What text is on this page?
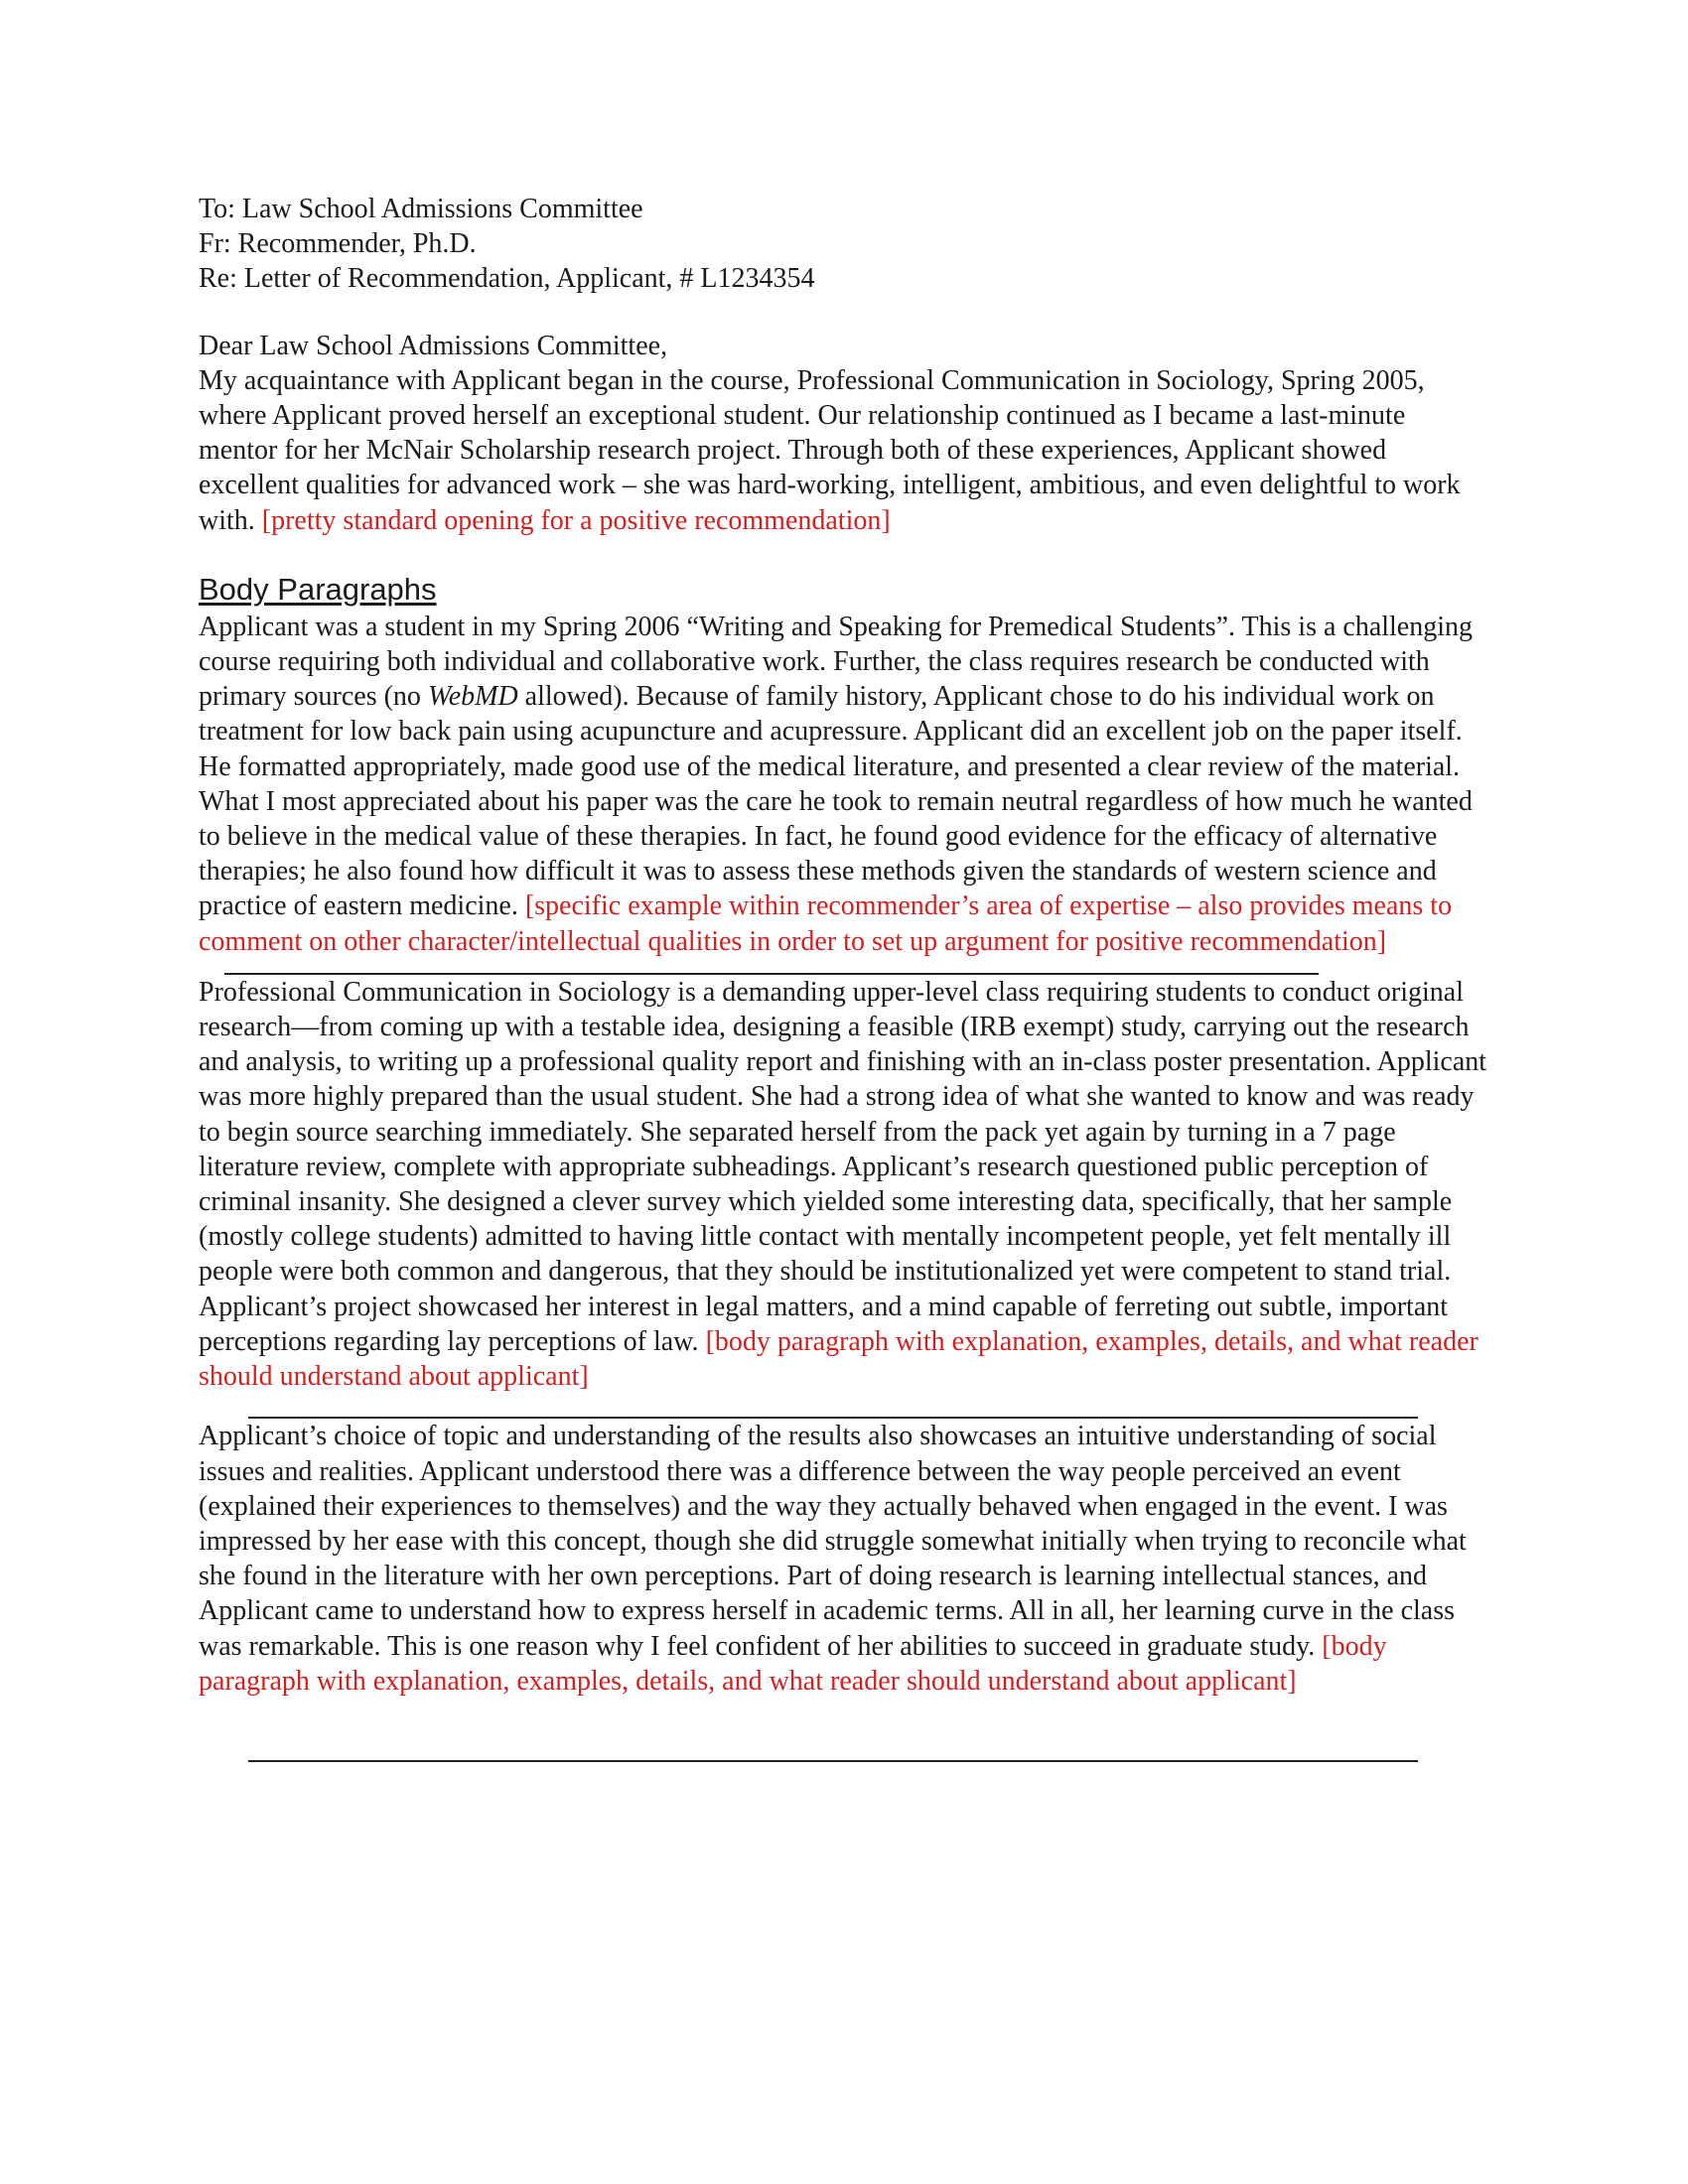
To: Law School Admissions Committee
Fr: Recommender, Ph.D.
Re: Letter of Recommendation, Applicant, # L1234354
Dear Law School Admissions Committee,

My acquaintance with Applicant began in the course, Professional Communication in Sociology, Spring 2005, where Applicant proved herself an exceptional student. Our relationship continued as I became a last-minute mentor for her McNair Scholarship research project. Through both of these experiences, Applicant showed excellent qualities for advanced work – she was hard-working, intelligent, ambitious, and even delightful to work with. [pretty standard opening for a positive recommendation]

Body Paragraphs

Applicant was a student in my Spring 2006 “Writing and Speaking for Premedical Students”. This is a challenging course requiring both individual and collaborative work. Further, the class requires research be conducted with primary sources (no WebMD allowed). Because of family history, Applicant chose to do his individual work on treatment for low back pain using acupuncture and acupressure. Applicant did an excellent job on the paper itself. He formatted appropriately, made good use of the medical literature, and presented a clear review of the material. What I most appreciated about his paper was the care he took to remain neutral regardless of how much he wanted to believe in the medical value of these therapies. In fact, he found good evidence for the efficacy of alternative therapies; he also found how difficult it was to assess these methods given the standards of western science and practice of eastern medicine. [specific example within recommender’s area of expertise – also provides means to comment on other character/intellectual qualities in order to set up argument for positive recommendation]

Professional Communication in Sociology is a demanding upper-level class requiring students to conduct original research—from coming up with a testable idea, designing a feasible (IRB exempt) study, carrying out the research and analysis, to writing up a professional quality report and finishing with an in-class poster presentation. Applicant was more highly prepared than the usual student. She had a strong idea of what she wanted to know and was ready to begin source searching immediately. She separated herself from the pack yet again by turning in a 7 page literature review, complete with appropriate subheadings. Applicant’s research questioned public perception of criminal insanity. She designed a clever survey which yielded some interesting data, specifically, that her sample (mostly college students) admitted to having little contact with mentally incompetent people, yet felt mentally ill people were both common and dangerous, that they should be institutionalized yet were competent to stand trial. Applicant’s project showcased her interest in legal matters, and a mind capable of ferreting out subtle, important perceptions regarding lay perceptions of law. [body paragraph with explanation, examples, details, and what reader should understand about applicant]

Applicant’s choice of topic and understanding of the results also showcases an intuitive understanding of social issues and realities. Applicant understood there was a difference between the way people perceived an event (explained their experiences to themselves) and the way they actually behaved when engaged in the event. I was impressed by her ease with this concept, though she did struggle somewhat initially when trying to reconcile what she found in the literature with her own perceptions. Part of doing research is learning intellectual stances, and Applicant came to understand how to express herself in academic terms. All in all, her learning curve in the class was remarkable. This is one reason why I feel confident of her abilities to succeed in graduate study. [body paragraph with explanation, examples, details, and what reader should understand about applicant]
